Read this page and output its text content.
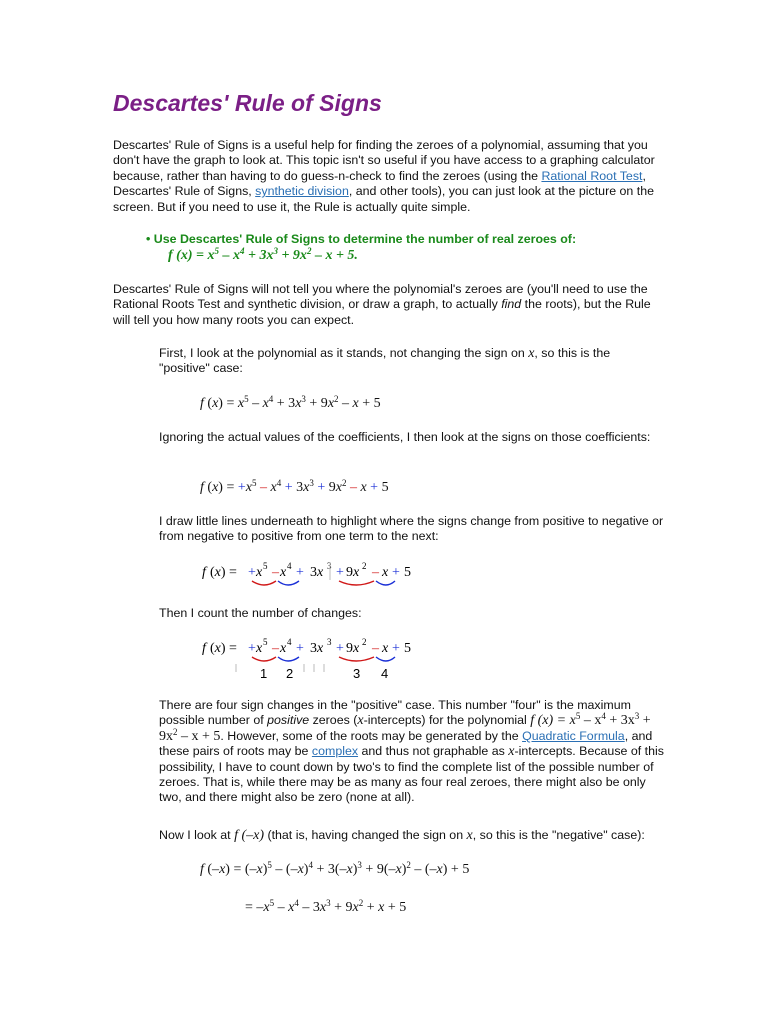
Descartes' Rule of Signs

Descartes' Rule of Signs is a useful help for finding the zeroes of a polynomial, assuming that you don't have the graph to look at. This topic isn't so useful if you have access to a graphing calculator because, rather than having to do guess-n-check to find the zeroes (using the Rational Root Test, Descartes' Rule of Signs, synthetic division, and other tools), you can just look at the picture on the screen. But if you need to use it, the Rule is actually quite simple.

• Use Descartes' Rule of Signs to determine the number of real zeroes of:
f $(x) = x^5 - x^4 + 3x^3 + 9x^2 - x + 5$.

Descartes' Rule of Signs will not tell you where the polynomial's zeroes are (you'll need to use the Rational Roots Test and synthetic division, or draw a graph, to actually find the roots), but the Rule will tell you how many roots you can expect.

First, I look at the polynomial as it stands, not changing the sign on x, so this is the "positive" case:

f $(x) = x^5 - x^4 + 3x^3 + 9x^2 - x + 5$

Ignoring the actual values of the coefficients, I then look at the signs on those coefficients:

f $(x) = +x^5 - x^4 + 3x^3 + 9x^2 - x + 5$

I draw little lines underneath to highlight where the signs change from positive to negative or from negative to positive from one term to the next:

f (x) = + x 5 – x 4 + 3x 3 + 9x 2 – x + 5

Then I count the number of changes:

f (x) = + x 5 – x 4 + 3x 3 + 9x 2 – x + 5
1 2	3 4

There are four sign changes in the "positive" case. This number "four" is the maximum possible number of positive zeroes (x-intercepts) for the polynomial f $(x) = x^5 - x^4 + 3x^3 + 9x^2 - x + 5$. However, some of the roots may be generated by the Quadratic Formula, and these pairs of roots may be complex and thus not graphable as x-intercepts. Because of this possibility, I have to count down by two's to find the complete list of the possible number of zeroes. That is, while there may be as many as four real zeroes, there might also be only two, and there might also be zero (none at all).

Now I look at f (–x) (that is, having changed the sign on x, so this is the "negative" case):

f $(-x) = (-x)^5 - (-x)^4 + 3(-x)^3 + 9(-x)^2 - (-x) + 5$
= $-x^5 - x^4 - 3x^3 + 9x^2 + x + 5$
